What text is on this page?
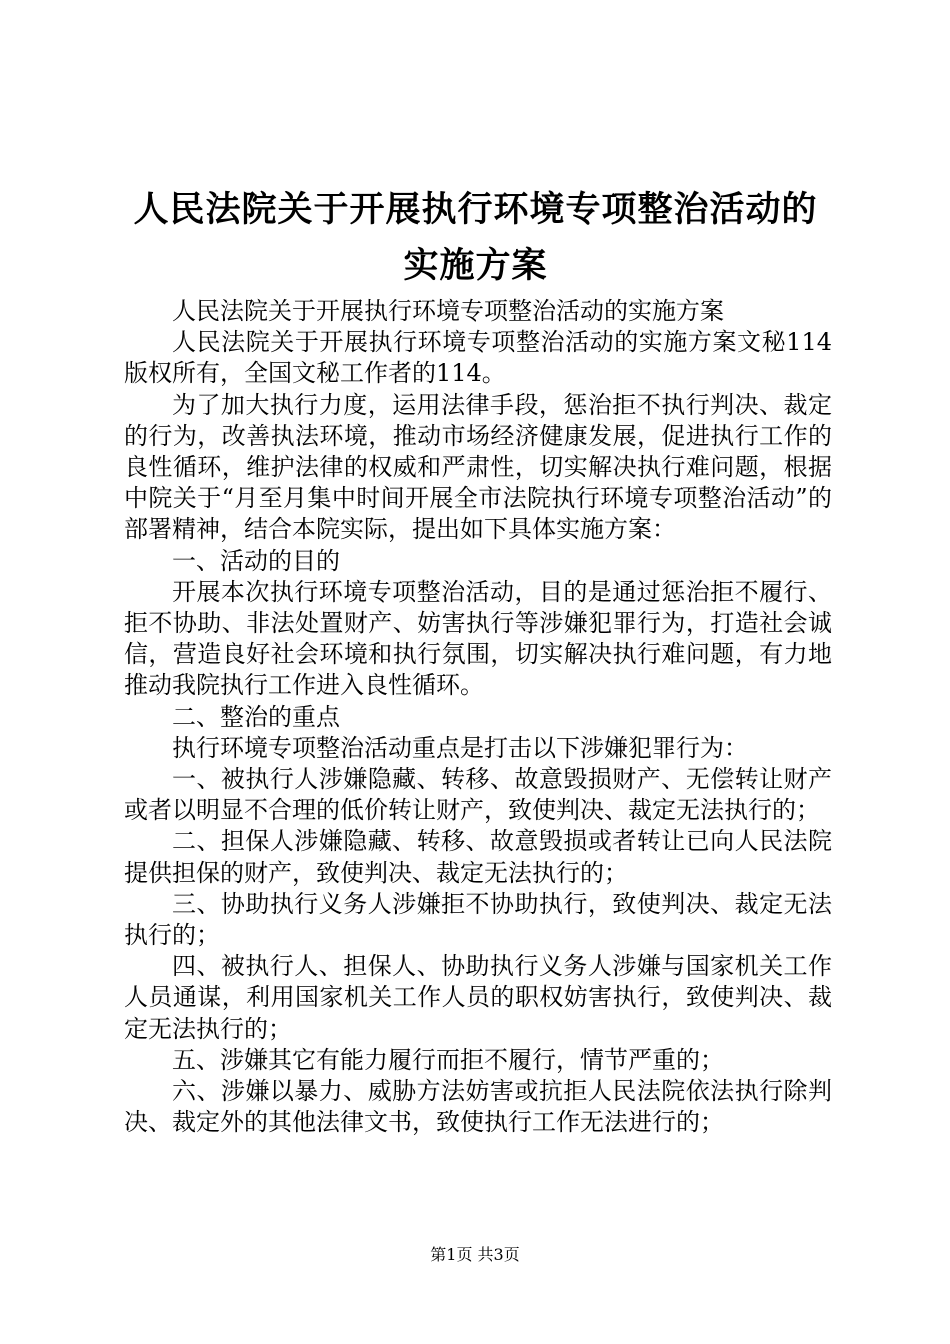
人民法院关于开展执行环境专项整治活动的实施方案

人民法院关于开展执行环境专项整治活动的实施方案

人民法院关于开展执行环境专项整治活动的实施方案文秘114版权所有，全国文秘工作者的114。

为了加大执行力度，运用法律手段，惩治拒不执行判决、裁定的行为，改善执法环境，推动市场经济健康发展，促进执行工作的良性循环，维护法律的权威和严肃性，切实解决执行难问题，根据中院关于“月至月集中时间开展全市法院执行环境专项整治活动”的部署精神，结合本院实际，提出如下具体实施方案：

一、活动的目的

开展本次执行环境专项整治活动，目的是通过惩治拒不履行、拒不协助、非法处置财产、妨害执行等涉嫌犯罪行为，打造社会诚信，营造良好社会环境和执行氛围，切实解决执行难问题，有力地推动我院执行工作进入良性循环。

二、整治的重点

执行环境专项整治活动重点是打击以下涉嫌犯罪行为：

一、被执行人涉嫌隐藏、转移、故意毁损财产、无偿转让财产或者以明显不合理的低价转让财产，致使判决、裁定无法执行的；

二、担保人涉嫌隐藏、转移、故意毁损或者转让已向人民法院提供担保的财产，致使判决、裁定无法执行的；

三、协助执行义务人涉嫌拒不协助执行，致使判决、裁定无法执行的；

四、被执行人、担保人、协助执行义务人涉嫌与国家机关工作人员通谋，利用国家机关工作人员的职权妨害执行，致使判决、裁定无法执行的；

五、涉嫌其它有能力履行而拒不履行，情节严重的；

六、涉嫌以暴力、威胁方法妨害或抗拒人民法院依法执行除判决、裁定外的其他法律文书，致使执行工作无法进行的；

第1页 共3页
